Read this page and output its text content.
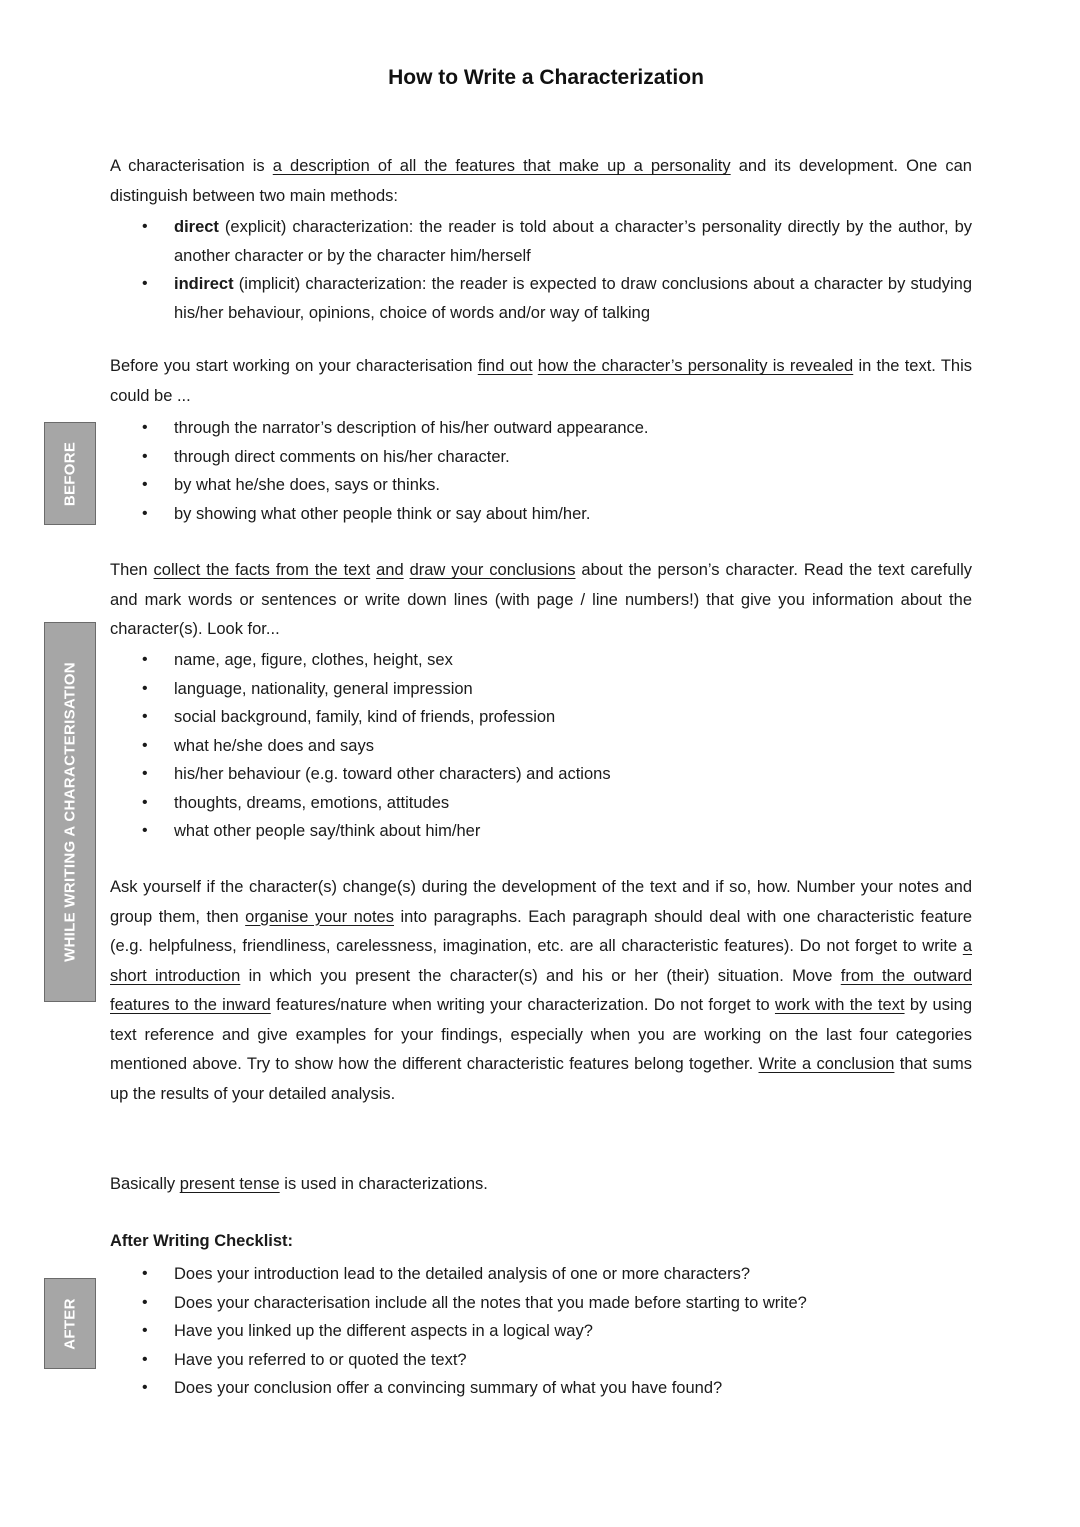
How to Write a Characterization
BEFORE
WHILE WRITING A CHARACTERISATION
AFTER

A characterisation is a description of all the features that make up a personality and its development. One can distinguish between two main methods:

• direct (explicit) characterization: the reader is told about a character’s personality directly by the author, by another character or by the character him/herself
• indirect (implicit) characterization: the reader is expected to draw conclusions about a character by studying his/her behaviour, opinions, choice of words and/or way of talking

Before you start working on your characterisation find out how the character’s personality is revealed in the text. This could be ...

• through the narrator’s description of his/her outward appearance.
• through direct comments on his/her character.
• by what he/she does, says or thinks.
• by showing what other people think or say about him/her.

Then collect the facts from the text and draw your conclusions about the person’s character. Read the text carefully and mark words or sentences or write down lines (with page / line numbers!) that give you information about the character(s). Look for...

• name, age, figure, clothes, height, sex
• language, nationality, general impression
• social background, family, kind of friends, profession
• what he/she does and says
• his/her behaviour (e.g. toward other characters) and actions
• thoughts, dreams, emotions, attitudes
• what other people say/think about him/her

Ask yourself if the character(s) change(s) during the development of the text and if so, how. Number your notes and group them, then organise your notes into paragraphs. Each paragraph should deal with one characteristic feature (e.g. helpfulness, friendliness, carelessness, imagination, etc. are all characteristic features). Do not forget to write a short introduction in which you present the character(s) and his or her (their) situation. Move from the outward features to the inward features/nature when writing your characterization. Do not forget to work with the text by using text reference and give examples for your findings, especially when you are working on the last four categories mentioned above. Try to show how the different characteristic features belong together. Write a conclusion that sums up the results of your detailed analysis.

Basically present tense is used in characterizations.

After Writing Checklist:

• Does your introduction lead to the detailed analysis of one or more characters?
• Does your characterisation include all the notes that you made before starting to write?
• Have you linked up the different aspects in a logical way?
• Have you referred to or quoted the text?
• Does your conclusion offer a convincing summary of what you have found?
